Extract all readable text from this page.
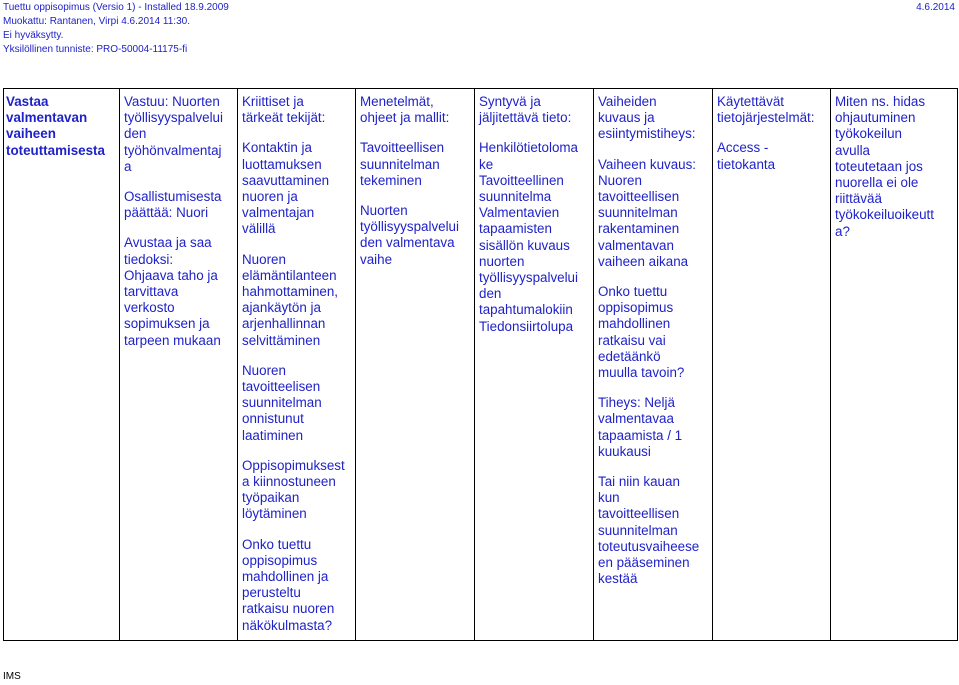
Tuettu oppisopimus (Versio 1) - Installed 18.9.2009
Muokattu: Rantanen, Virpi 4.6.2014 11:30.
Ei hyväksytty.
Yksilöllinen tunniste: PRO-50004-11175-fi
4.6.2014
Vastaa
valmentavan
vaiheen
toteuttamisesta

Vastuu: Nuorten
työllisyyspalvelui
den
työhönvalmentaj
a
Osallistumisesta
päättää: Nuori
Avustaa ja saa
tiedoksi:
Ohjaava taho ja
tarvittava
verkosto
sopimuksen ja
tarpeen mukaan

Kriittiset ja
tärkeät tekijät:
Kontaktin ja
luottamuksen
saavuttaminen
nuoren ja
valmentajan
välillä
Nuoren
elämäntilanteen
hahmottaminen,
ajankäytön ja
arjenhallinnan
selvittäminen
Nuoren
tavoitteelisen
suunnitelman
onnistunut
laatiminen
Oppisopimuksest
a kiinnostuneen
työpaikan
löytäminen
Onko tuettu
oppisopimus
mahdollinen ja
perusteltu
ratkaisu nuoren
näkökulmasta?

Menetelmät,
ohjeet ja mallit:
Tavoitteellisen
suunnitelman
tekeminen
Nuorten
työllisyyspalvelui
den valmentava
vaihe

Syntyvä ja
jäljitettävä tieto:
Henkilötietoloma
ke
Tavoitteellinen
suunnitelma
Valmentavien
tapaamisten
sisällön kuvaus
nuorten
työllisyyspalvelui
den
tapahtumalokiin
Tiedonsiirtolupa

Vaiheiden
kuvaus ja
esiintymistiheys:
Vaiheen kuvaus:
Nuoren
tavoitteellisen
suunnitelman
rakentaminen
valmentavan
vaiheen aikana
Onko tuettu
oppisopimus
mahdollinen
ratkaisu vai
edetäänkö
muulla tavoin?
Tiheys: Neljä
valmentavaa
tapaamista / 1
kuukausi
Tai niin kauan
kun
tavoitteellisen
suunnitelman
toteutusvaiheese
en pääseminen
kestää

Käytettävät
tietojärjestelmät:
Access -
tietokanta

Miten ns. hidas
ohjautuminen
työkokeilun
avulla
toteutetaan jos
nuorella ei ole
riittävää
työkokeiluoikeutt
a?
IMS
